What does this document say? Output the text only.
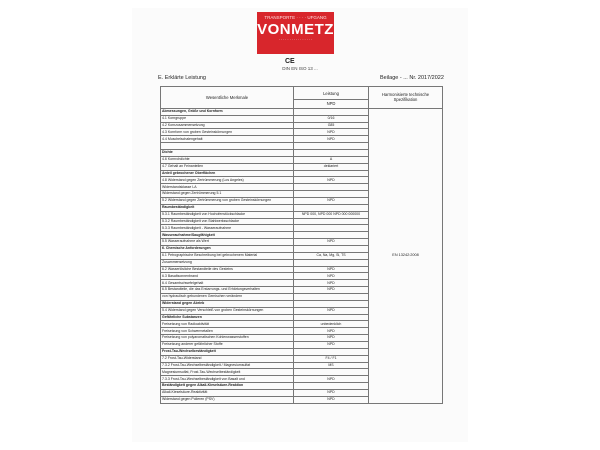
TRANSPORTE · · · · UFGANG
VONMETZ
· · · · · · · · · · · · · · · ·
CE
DIN EN ISO 13 ...
E. Erklärte Leistung	Beilage - ... Nr. 2017/2022
Wesentliche Merkmale	Leistung	Harmonisierte technische Spezifikation
	NPD	
Abmessungen, Größe und Kornform		EN 13242:2008
4.1 Korngruppe	0/16	
4.2 Kornzusammensetzung	G85	
4.3 Kornform von groben Gesteinskörnungen	NPD	
4.4 Muschelschalengehalt	NPD	

Dichte		
4.6 Kornrohdichte	A	
4.7 Gehalt an Feinanteilen	deklariert	
Anteil gebrochener Oberflächen		
4.8 Widerstand gegen Zertrümmerung (Los Angeles)	NPD	
Widerstandsklasse LA		
Widerstand gegen Zertrümmerung 5.1		
5.2 Widerstand gegen Zertrümmerung von groben Gesteinskörnungen	NPD	
Raumbeständigkeit		
5.3.1 Raumbeständigkeit von Hochofenstückschlacke	NPD 000, NPD 000 NPD 000 000000	
5.3.2 Raumbeständigkeit von Stahlwerksschlacke		
5.3.3 Raumbeständigkeit - Wasseraufnahme		
Wasseraufnahme/Saugfähigkeit		
5.5 Wasseraufnahme als Wert	NPD	
6. Chemische Anforderungen		
6.1 Petrographische Beschreibung bei gebrochenem Material	Ca, Na, Mg, Si, TS	
Zusammensetzung		
6.2 Wasserlösliche Bestandteile des Gesteins	NPD	
6.3 Basaltsonnenbrand	NPD	
6.4 Gesamtschwefelgehalt	NPD	
6.5 Bestandteile, die das Erstarrungs- und Erhärtungsverhalten	NPD	
von hydraulisch gebundenen Gemischen verändern		
Widerstand gegen Abrieb		
5.4 Widerstand gegen Verschleiß von groben Gesteinskörnungen	NPD	
Gefährliche Substanzen		
Freisetzung von Radioaktivität	unbedenklich	
Freisetzung von Schwermetallen	NPD	
Freisetzung von polyaromatischen Kohlenwasserstoffen	NPD	
Freisetzung anderer gefährlicher Stoffe	NPD	
Frost-Tau-Wechselbeständigkeit		
7.2 Frost-Tau-Widerstand	F4 / F1	
7.3.2 Frost-Tau-Wechselbeständigkeit / Magnesiumsulfat	MS	
Magnesiumsulfat, Frost-Tau-Wechselbeständigkeit		
7.3.3 Frost-Tau-Wechselbeständigkeit von Basalt und	NPD	
Beständigkeit gegen Alkali-Kieselsäure-Reaktion		
Alkali-Kieselsäure-Reaktivität	NPD	
Widerstand gegen Polieren (PSV)	NPD	
